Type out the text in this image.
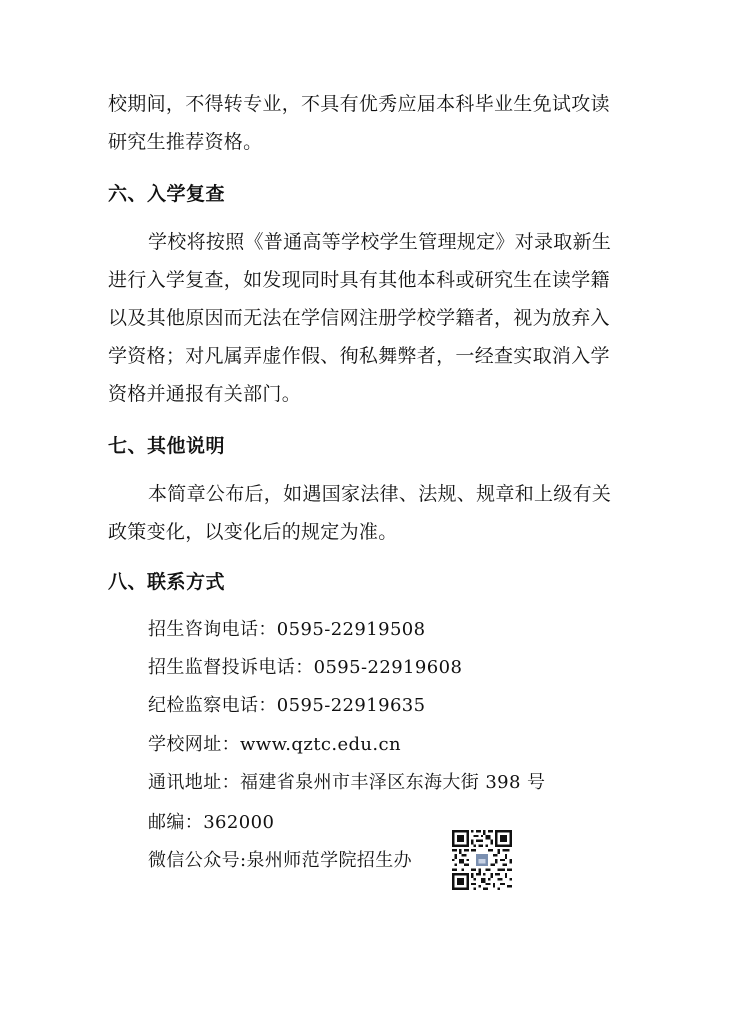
校期间，不得转专业，不具有优秀应届本科毕业生免试攻读
研究生推荐资格。
六、入学复查
学校将按照《普通高等学校学生管理规定》对录取新生
进行入学复查，如发现同时具有其他本科或研究生在读学籍
以及其他原因而无法在学信网注册学校学籍者，视为放弃入
学资格；对凡属弄虚作假、徇私舞弊者，一经查实取消入学
资格并通报有关部门。
七、其他说明
本简章公布后，如遇国家法律、法规、规章和上级有关
政策变化，以变化后的规定为准。
八、联系方式
招生咨询电话：0595-22919508
招生监督投诉电话：0595-22919608
纪检监察电话：0595-22919635
学校网址：www.qztc.edu.cn
通讯地址：福建省泉州市丰泽区东海大街 398 号
邮编：362000
微信公众号:泉州师范学院招生办
